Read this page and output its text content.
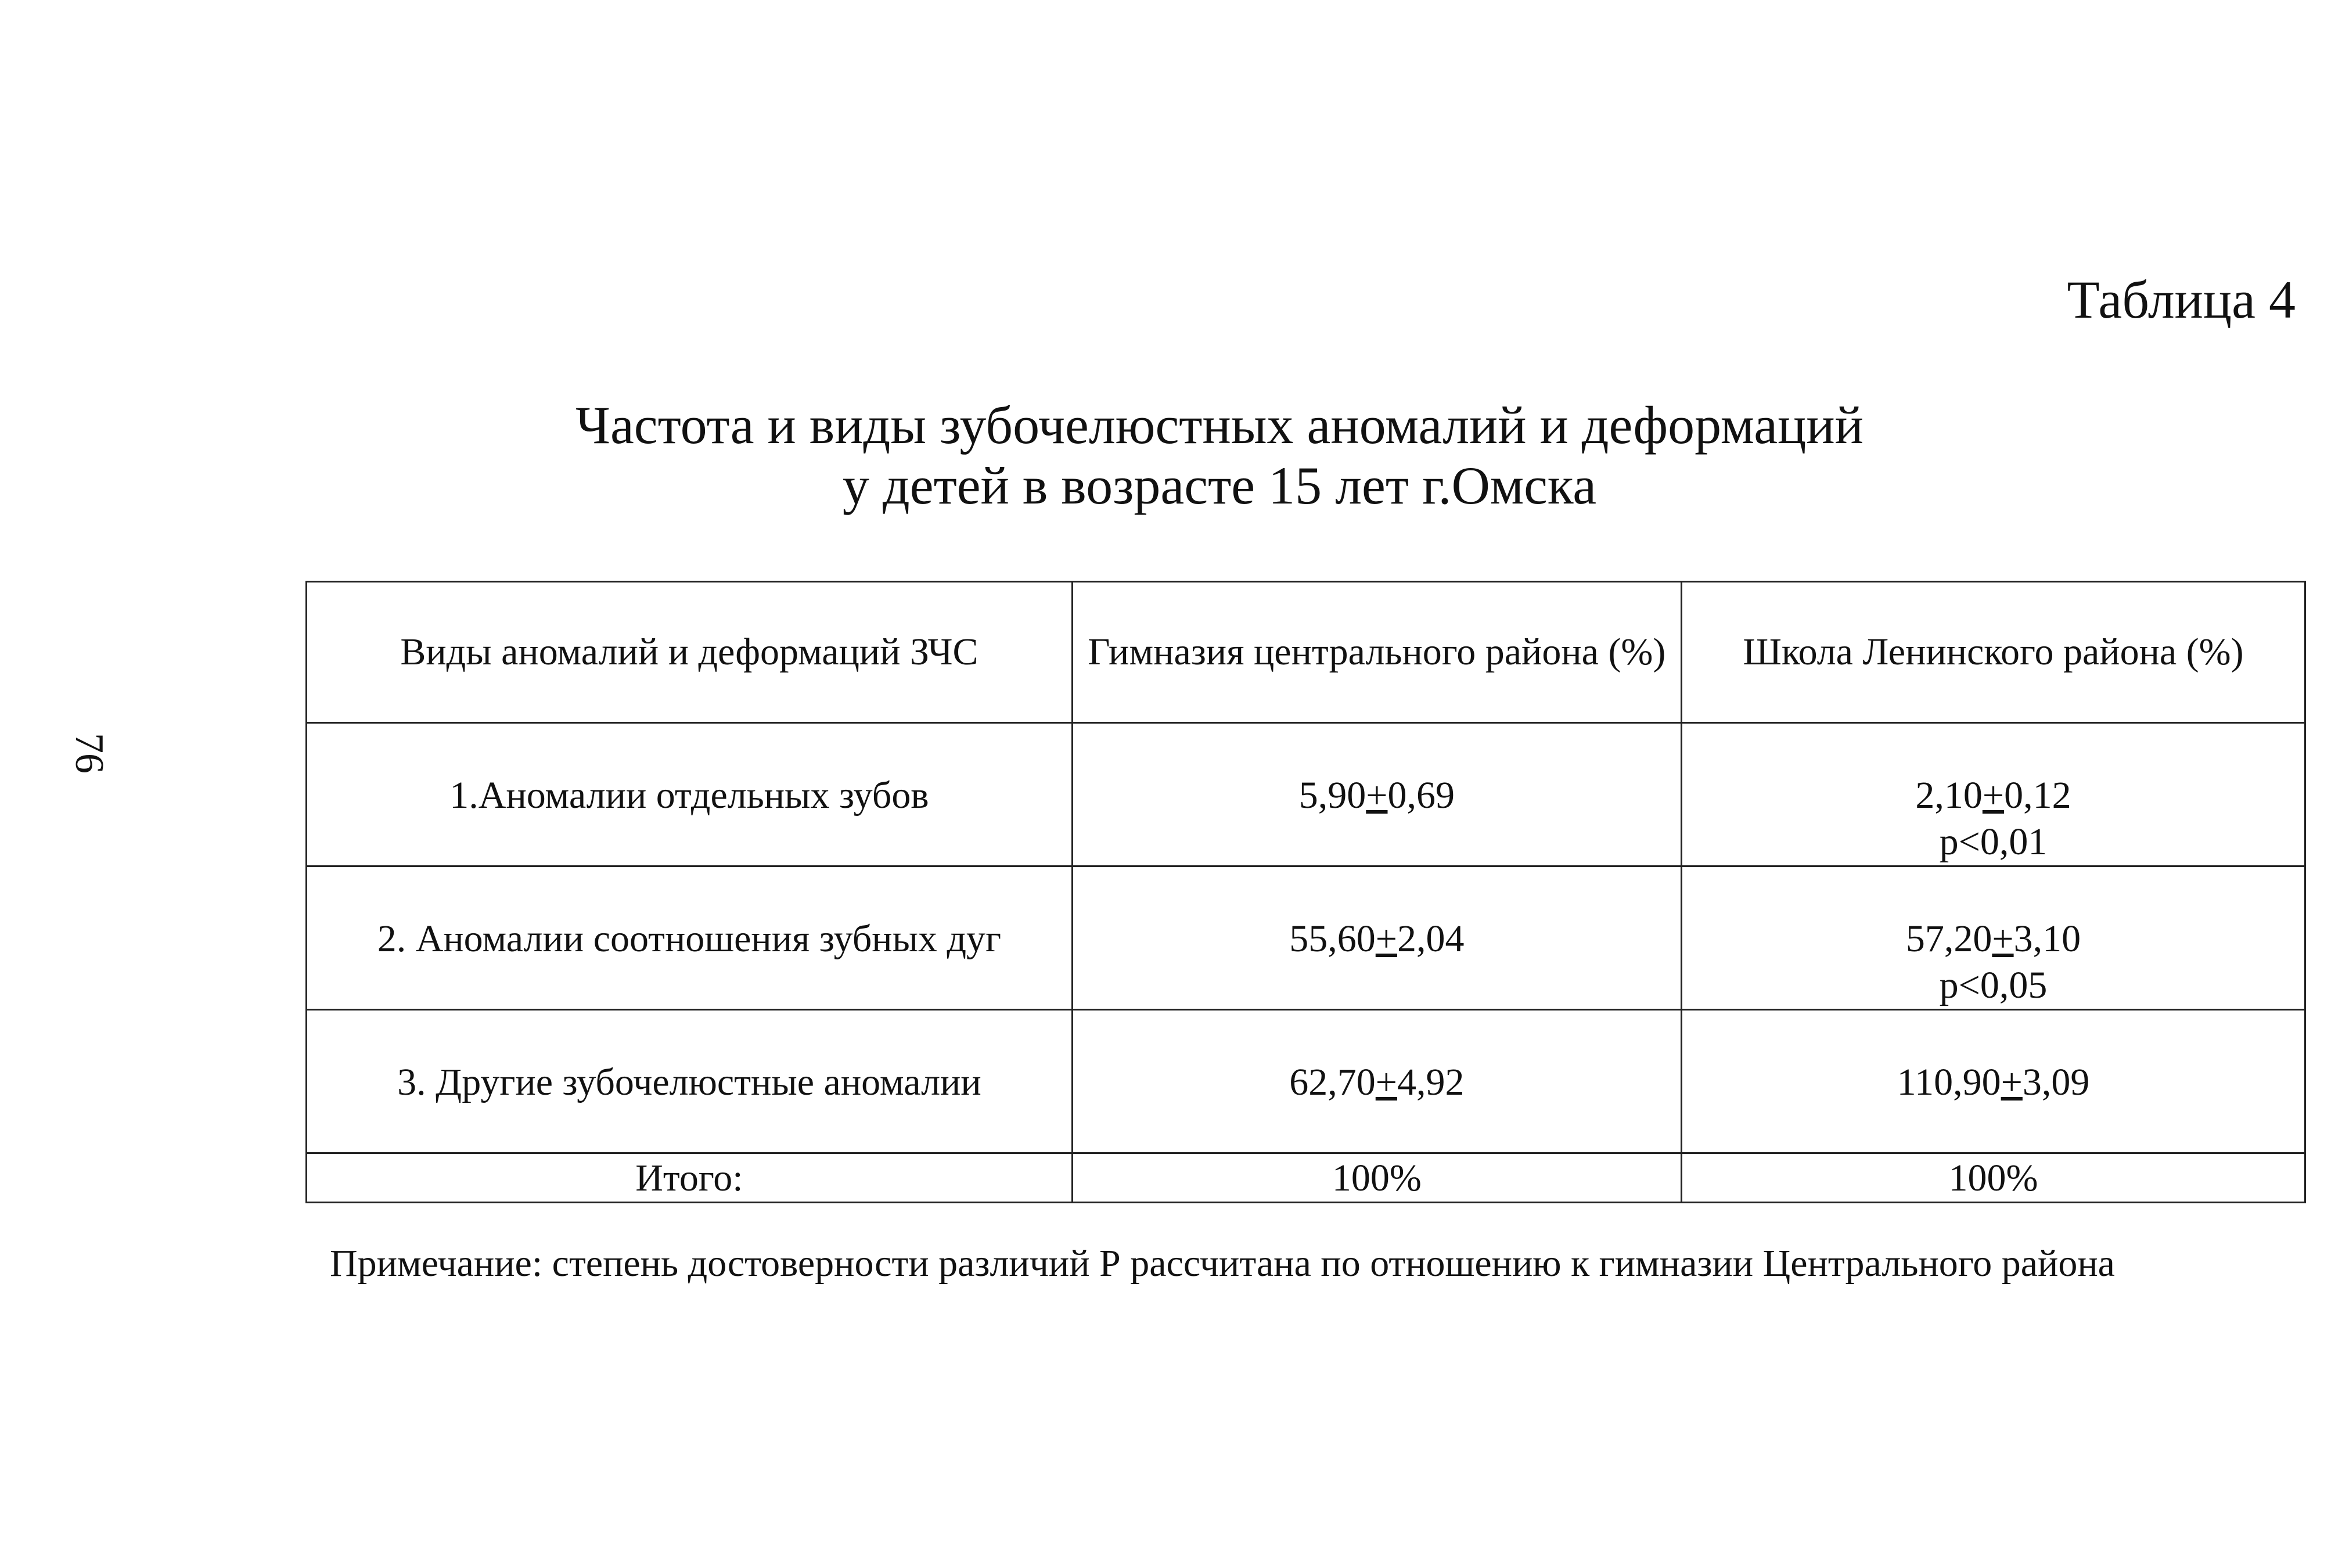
76
Таблица 4
Частота и виды зубочелюстных аномалий и деформаций
у детей в возрасте 15 лет г.Омска
Виды аномалий и деформаций ЗЧС	Гимназия центрального района (%)	Школа Ленинского района (%)
1.Аномалии отдельных зубов	5,90+0,69	2,10+0,12
p<0,01

2. Аномалии соотношения зубных дуг	55,60+2,04	57,20+3,10
p<0,05

3. Другие зубочелюстные аномалии	62,70+4,92	110,90+3,09
Итого:	100%	100%
Примечание: степень достоверности различий Р рассчитана по отношению к гимназии Центрального района
